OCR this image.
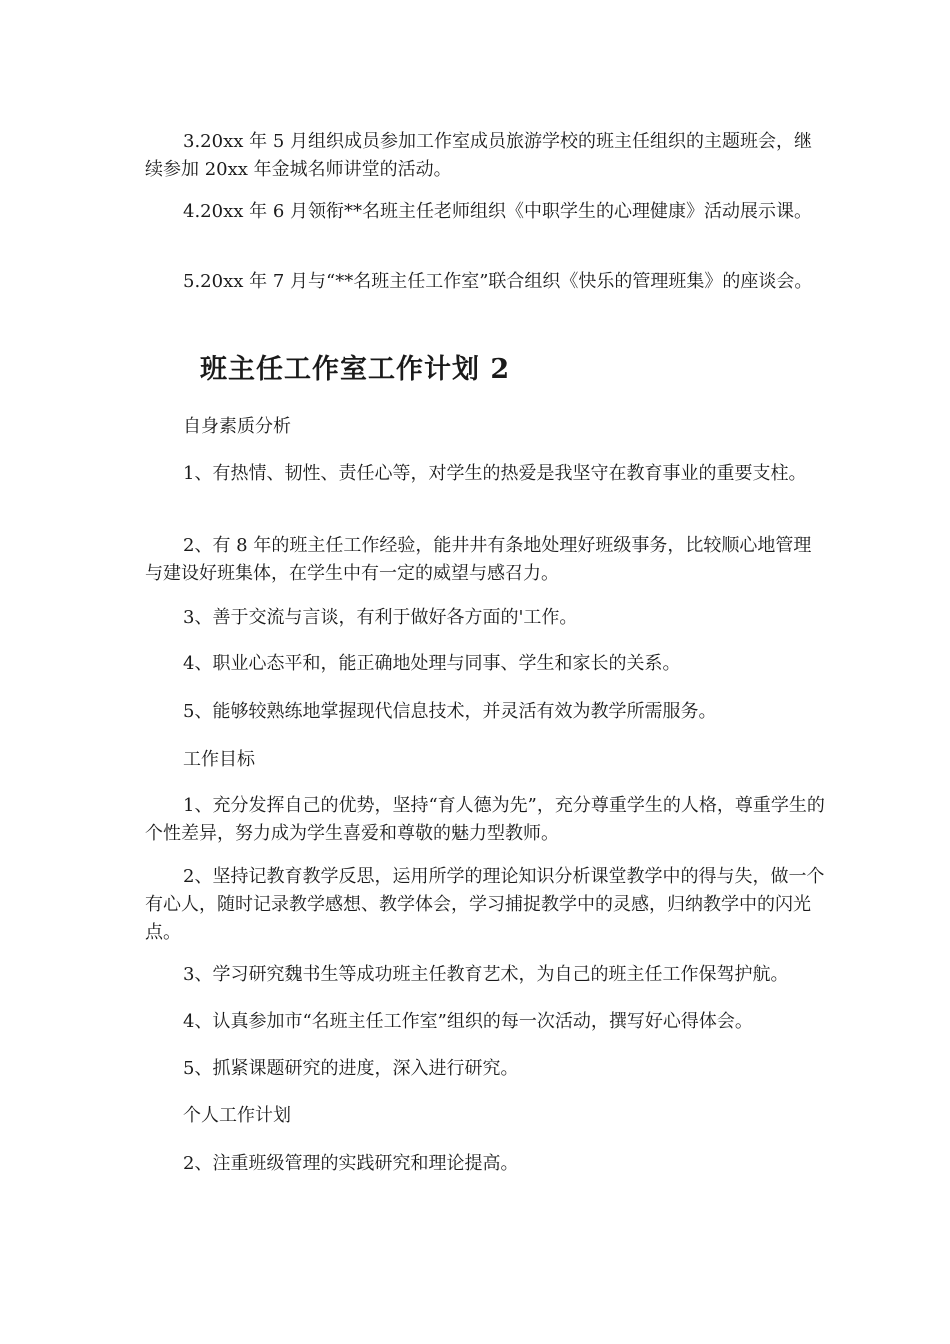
3.20xx 年 5 月组织成员参加工作室成员旅游学校的班主任组织的主题班会，继续参加 20xx 年金城名师讲堂的活动。

4.20xx 年 6 月领衔**名班主任老师组织《中职学生的心理健康》活动展示课。

5.20xx 年 7 月与“**名班主任工作室”联合组织《快乐的管理班集》的座谈会。

班主任工作室工作计划 2

自身素质分析

1、有热情、韧性、责任心等，对学生的热爱是我坚守在教育事业的重要支柱。

2、有 8 年的班主任工作经验，能井井有条地处理好班级事务，比较顺心地管理与建设好班集体，在学生中有一定的威望与感召力。

3、善于交流与言谈，有利于做好各方面的'工作。

4、职业心态平和，能正确地处理与同事、学生和家长的关系。

5、能够较熟练地掌握现代信息技术，并灵活有效为教学所需服务。

工作目标

1、充分发挥自己的优势，坚持“育人德为先”，充分尊重学生的人格，尊重学生的个性差异，努力成为学生喜爱和尊敬的魅力型教师。

2、坚持记教育教学反思，运用所学的理论知识分析课堂教学中的得与失，做一个有心人，随时记录教学感想、教学体会，学习捕捉教学中的灵感，归纳教学中的闪光点。

3、学习研究魏书生等成功班主任教育艺术，为自己的班主任工作保驾护航。

4、认真参加市“名班主任工作室”组织的每一次活动，撰写好心得体会。

5、抓紧课题研究的进度，深入进行研究。

个人工作计划

2、注重班级管理的实践研究和理论提高。
